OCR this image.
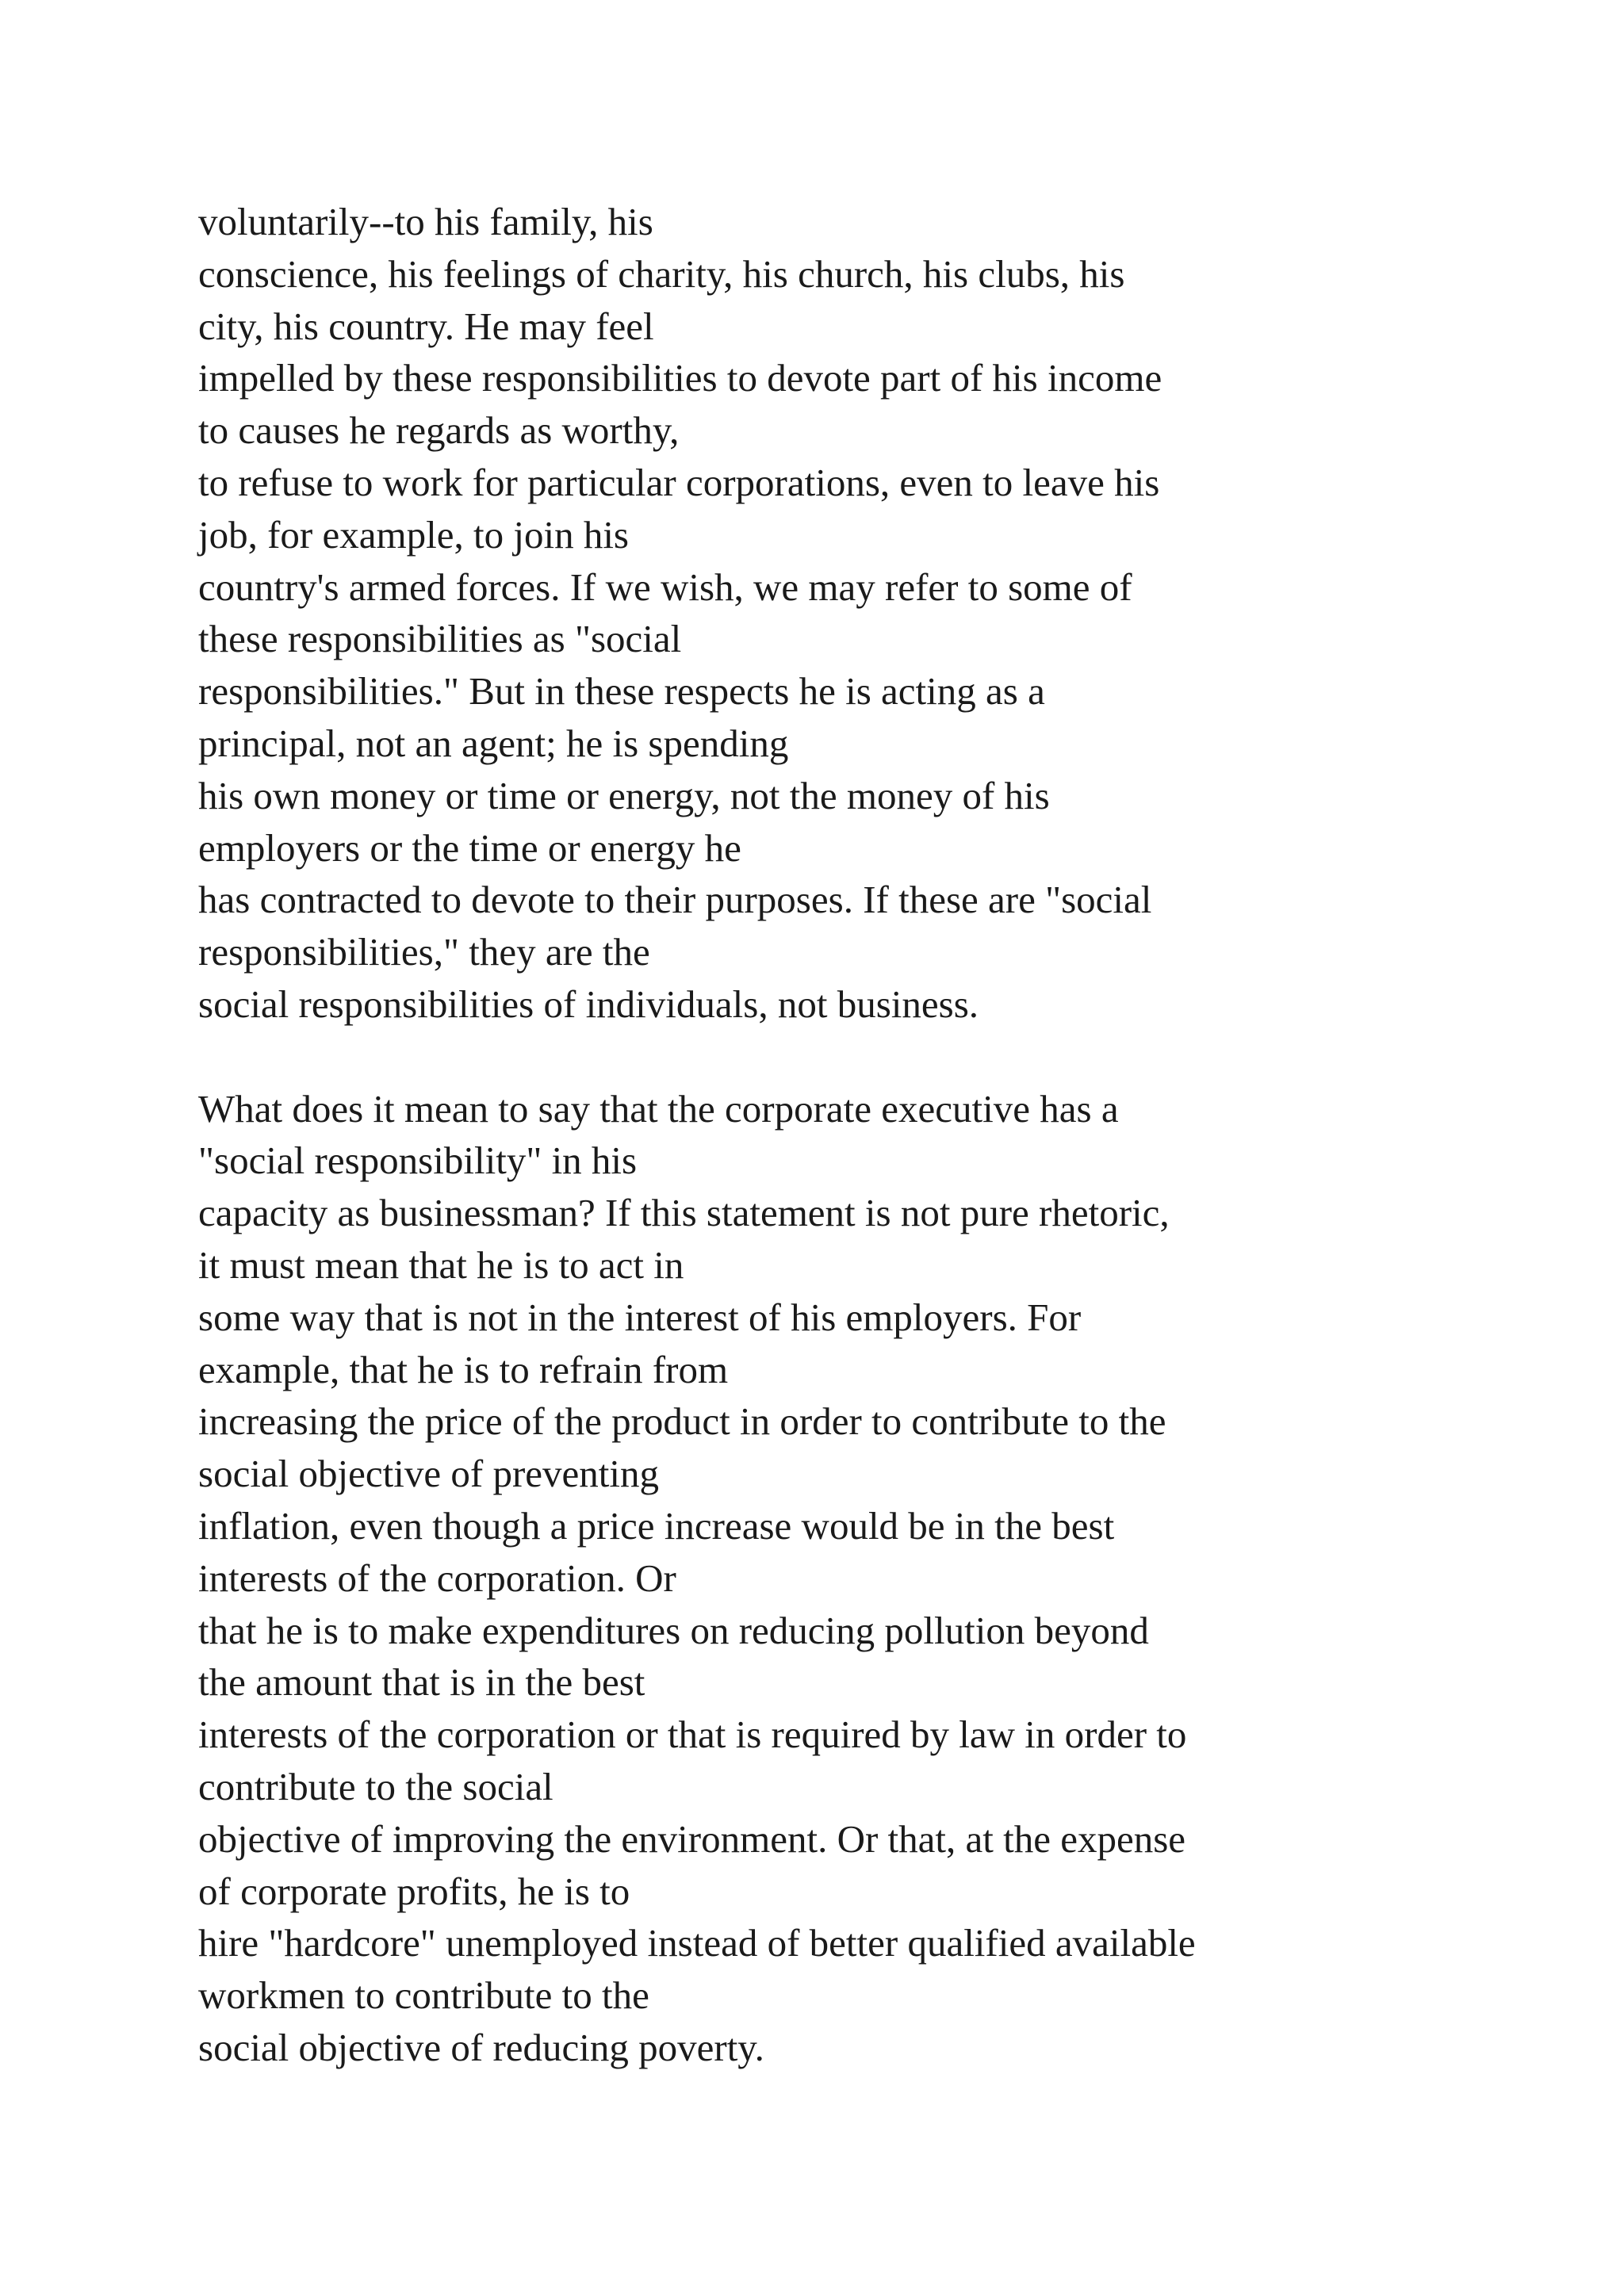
voluntarily--to his family, his
conscience, his feelings of charity, his church, his clubs, his
city, his country. He may feel
impelled by these responsibilities to devote part of his income
to causes he regards as worthy,
to refuse to work for particular corporations, even to leave his
job, for example, to join his
country's armed forces. If we wish, we may refer to some of
these responsibilities as "social
responsibilities." But in these respects he is acting as a
principal, not an agent; he is spending
his own money or time or energy, not the money of his
employers or the time or energy he
has contracted to devote to their purposes. If these are "social
responsibilities," they are the
social responsibilities of individuals, not business.
What does it mean to say that the corporate executive has a
"social responsibility" in his
capacity as businessman? If this statement is not pure rhetoric,
it must mean that he is to act in
some way that is not in the interest of his employers. For
example, that he is to refrain from
increasing the price of the product in order to contribute to the
social objective of preventing
inflation, even though a price increase would be in the best
interests of the corporation. Or
that he is to make expenditures on reducing pollution beyond
the amount that is in the best
interests of the corporation or that is required by law in order to
contribute to the social
objective of improving the environment. Or that, at the expense
of corporate profits, he is to
hire "hardcore" unemployed instead of better qualified available
workmen to contribute to the
social objective of reducing poverty.
